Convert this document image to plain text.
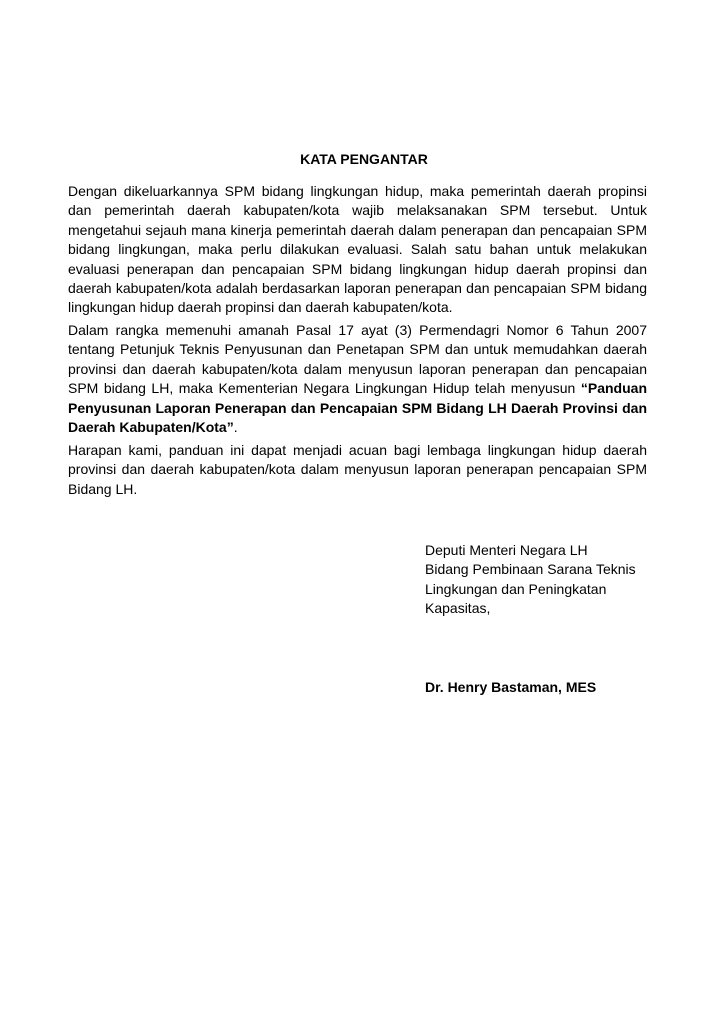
KATA PENGANTAR

Dengan dikeluarkannya SPM bidang lingkungan hidup, maka pemerintah daerah propinsi dan pemerintah daerah kabupaten/kota wajib melaksanakan SPM tersebut. Untuk mengetahui sejauh mana kinerja pemerintah daerah dalam penerapan dan pencapaian SPM bidang lingkungan, maka perlu dilakukan evaluasi. Salah satu bahan untuk melakukan evaluasi penerapan dan pencapaian SPM bidang lingkungan hidup daerah propinsi dan daerah kabupaten/kota adalah berdasarkan laporan penerapan dan pencapaian SPM bidang lingkungan hidup daerah propinsi dan daerah kabupaten/kota.

Dalam rangka memenuhi amanah Pasal 17 ayat (3) Permendagri Nomor 6 Tahun 2007 tentang Petunjuk Teknis Penyusunan dan Penetapan SPM dan untuk memudahkan daerah provinsi dan daerah kabupaten/kota dalam menyusun laporan penerapan dan pencapaian SPM bidang LH, maka Kementerian Negara Lingkungan Hidup telah menyusun “Panduan Penyusunan Laporan Penerapan dan Pencapaian SPM Bidang LH Daerah Provinsi dan Daerah Kabupaten/Kota”.

Harapan kami, panduan ini dapat menjadi acuan bagi lembaga lingkungan hidup daerah provinsi dan daerah kabupaten/kota dalam menyusun laporan penerapan pencapaian SPM Bidang LH.

Deputi Menteri Negara LH
Bidang Pembinaan Sarana Teknis
Lingkungan dan Peningkatan
Kapasitas,

Dr. Henry Bastaman, MES
